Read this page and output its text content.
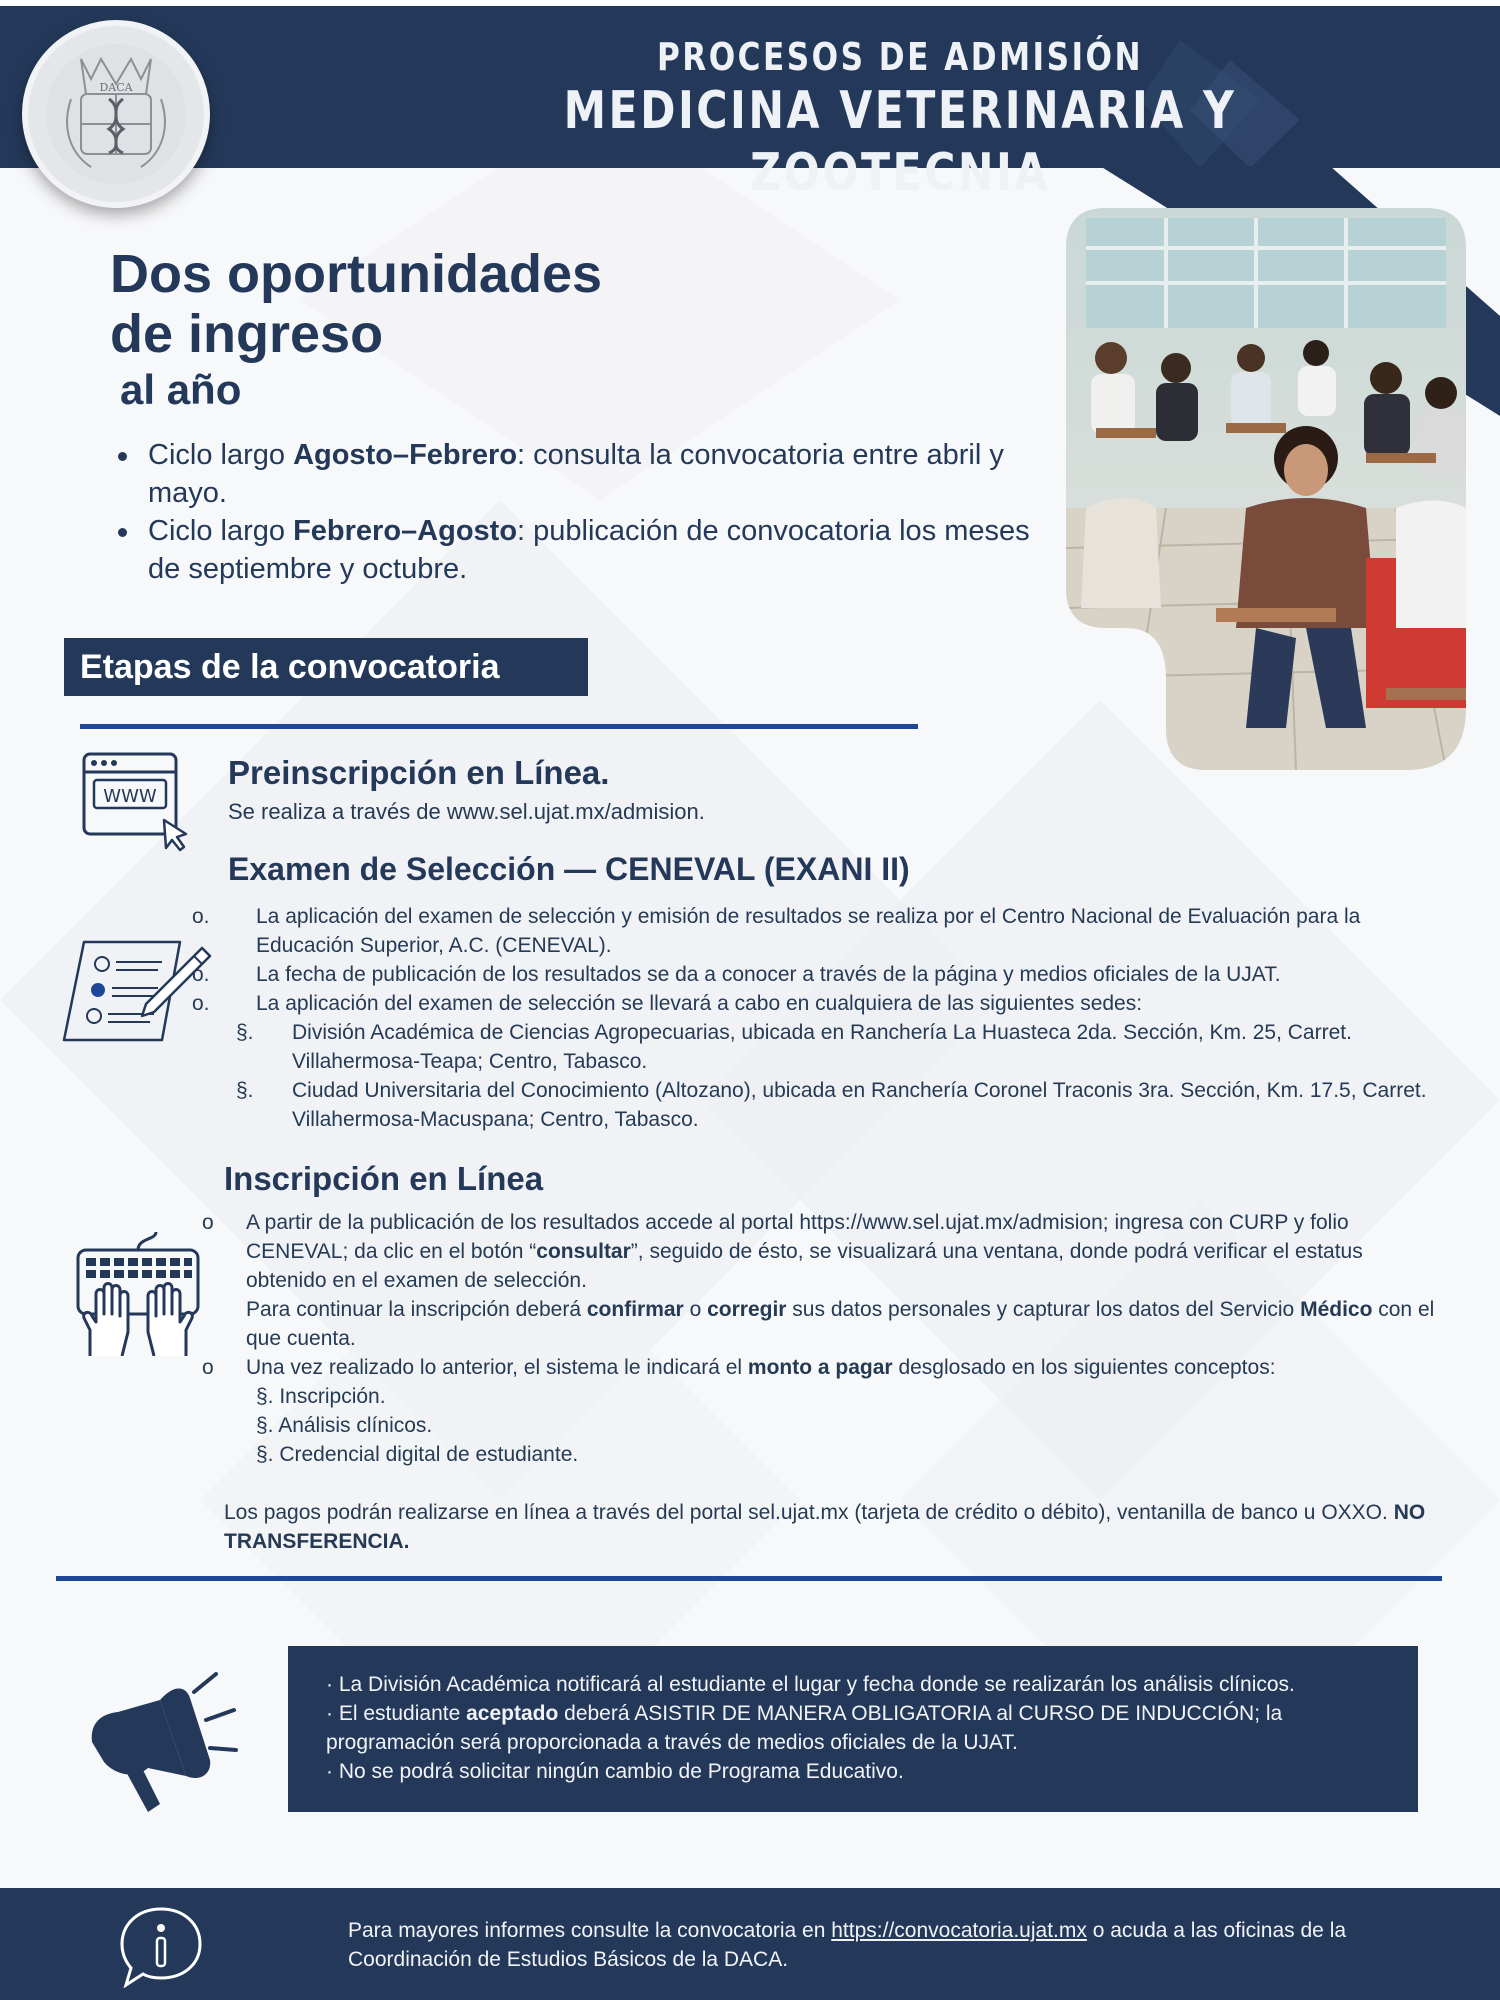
PROCESOS DE ADMISIÓN
MEDICINA VETERINARIA Y ZOOTECNIA
DACA
Dos oportunidades
de ingreso
al año
Ciclo largo Agosto–Febrero: consulta la convocatoria entre abril y mayo.
Ciclo largo Febrero–Agosto: publicación de convocatoria los meses de septiembre y octubre.
Etapas de la convocatoria
WWW
Preinscripción en Línea.
Se realiza a través de www.sel.ujat.mx/admision.
Examen de Selección — CENEVAL (EXANI II)
o. La aplicación del examen de selección y emisión de resultados se realiza por el Centro Nacional de Evaluación para la Educación Superior, A.C. (CENEVAL).
o. La fecha de publicación de los resultados se da a conocer a través de la página y medios oficiales de la UJAT.
o. La aplicación del examen de selección se llevará a cabo en cualquiera de las siguientes sedes:
§. División Académica de Ciencias Agropecuarias, ubicada en Ranchería La Huasteca 2da. Sección, Km. 25, Carret. Villahermosa-Teapa; Centro, Tabasco.
§. Ciudad Universitaria del Conocimiento (Altozano), ubicada en Ranchería Coronel Traconis 3ra. Sección, Km. 17.5, Carret. Villahermosa-Macuspana; Centro, Tabasco.
Inscripción en Línea
o A partir de la publicación de los resultados accede al portal https://www.sel.ujat.mx/admision; ingresa con CURP y folio CENEVAL; da clic en el botón “consultar”, seguido de ésto, se visualizará una ventana, donde podrá verificar el estatus obtenido en el examen de selección.
Para continuar la inscripción deberá confirmar o corregir sus datos personales y capturar los datos del Servicio Médico con el que cuenta.
o Una vez realizado lo anterior, el sistema le indicará el monto a pagar desglosado en los siguientes conceptos:
§. Inscripción.
§. Análisis clínicos.
§. Credencial digital de estudiante.
Los pagos podrán realizarse en línea a través del portal sel.ujat.mx (tarjeta de crédito o débito), ventanilla de banco u OXXO. NO TRANSFERENCIA.
· La División Académica notificará al estudiante el lugar y fecha donde se realizarán los análisis clínicos.
· El estudiante aceptado deberá ASISTIR DE MANERA OBLIGATORIA al CURSO DE INDUCCIÓN; la programación será proporcionada a través de medios oficiales de la UJAT.
· No se podrá solicitar ningún cambio de Programa Educativo.
Para mayores informes consulte la convocatoria en https://convocatoria.ujat.mx o acuda a las oficinas de la Coordinación de Estudios Básicos de la DACA.
